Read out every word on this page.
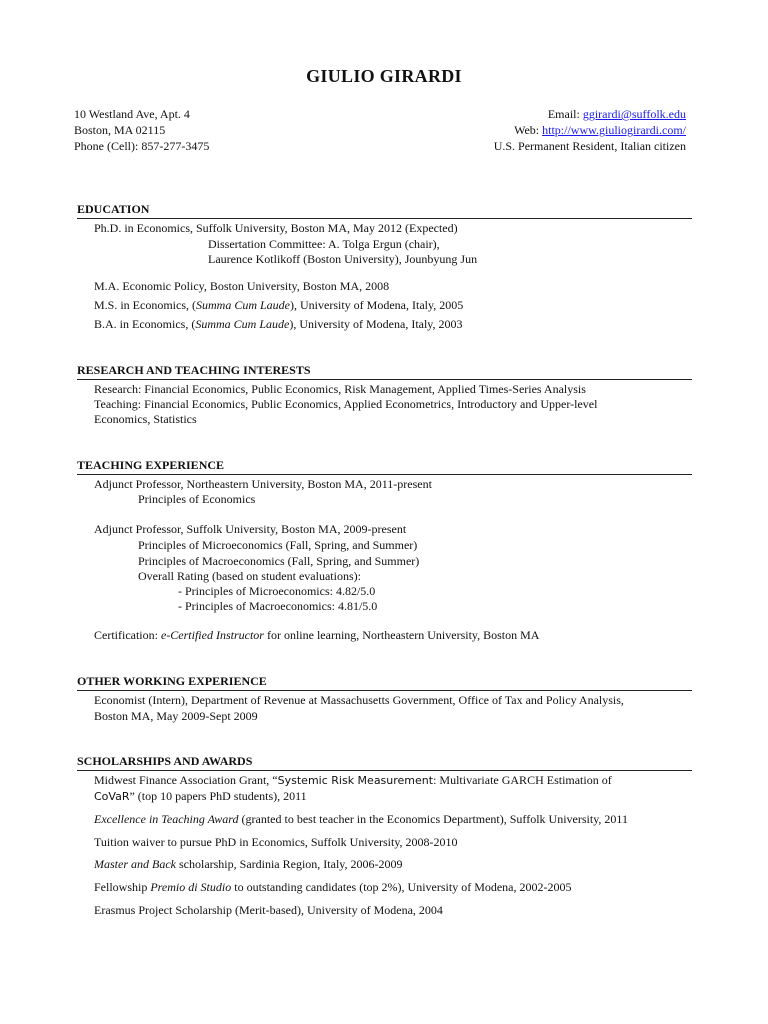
GIULIO GIRARDI
10 Westland Ave, Apt. 4
Boston, MA 02115
Phone (Cell): 857-277-3475
Email: ggirardi@suffolk.edu
Web: http://www.giuliogirardi.com/
U.S. Permanent Resident, Italian citizen
EDUCATION
Ph.D. in Economics, Suffolk University, Boston MA, May 2012 (Expected)
Dissertation Committee: A. Tolga Ergun (chair),
Laurence Kotlikoff (Boston University), Jounbyung Jun
M.A. Economic Policy, Boston University, Boston MA, 2008
M.S. in Economics, (Summa Cum Laude), University of Modena, Italy, 2005
B.A. in Economics, (Summa Cum Laude), University of Modena, Italy, 2003
RESEARCH AND TEACHING INTERESTS
Research: Financial Economics, Public Economics, Risk Management, Applied Times-Series Analysis
Teaching: Financial Economics, Public Economics, Applied Econometrics, Introductory and Upper-level
Economics, Statistics
TEACHING EXPERIENCE
Adjunct Professor, Northeastern University, Boston MA, 2011-present
Principles of Economics
Adjunct Professor, Suffolk University, Boston MA, 2009-present
Principles of Microeconomics (Fall, Spring, and Summer)
Principles of Macroeconomics (Fall, Spring, and Summer)
Overall Rating (based on student evaluations):
- Principles of Microeconomics: 4.82/5.0
- Principles of Macroeconomics: 4.81/5.0
Certification: e-Certified Instructor for online learning, Northeastern University, Boston MA
OTHER WORKING EXPERIENCE
Economist (Intern), Department of Revenue at Massachusetts Government, Office of Tax and Policy Analysis,
Boston MA, May 2009-Sept 2009
SCHOLARSHIPS AND AWARDS
Midwest Finance Association Grant, “Systemic Risk Measurement: Multivariate GARCH Estimation of
CoVaR” (top 10 papers PhD students), 2011
Excellence in Teaching Award (granted to best teacher in the Economics Department), Suffolk University, 2011
Tuition waiver to pursue PhD in Economics, Suffolk University, 2008-2010
Master and Back scholarship, Sardinia Region, Italy, 2006-2009
Fellowship Premio di Studio to outstanding candidates (top 2%), University of Modena, 2002-2005
Erasmus Project Scholarship (Merit-based), University of Modena, 2004
